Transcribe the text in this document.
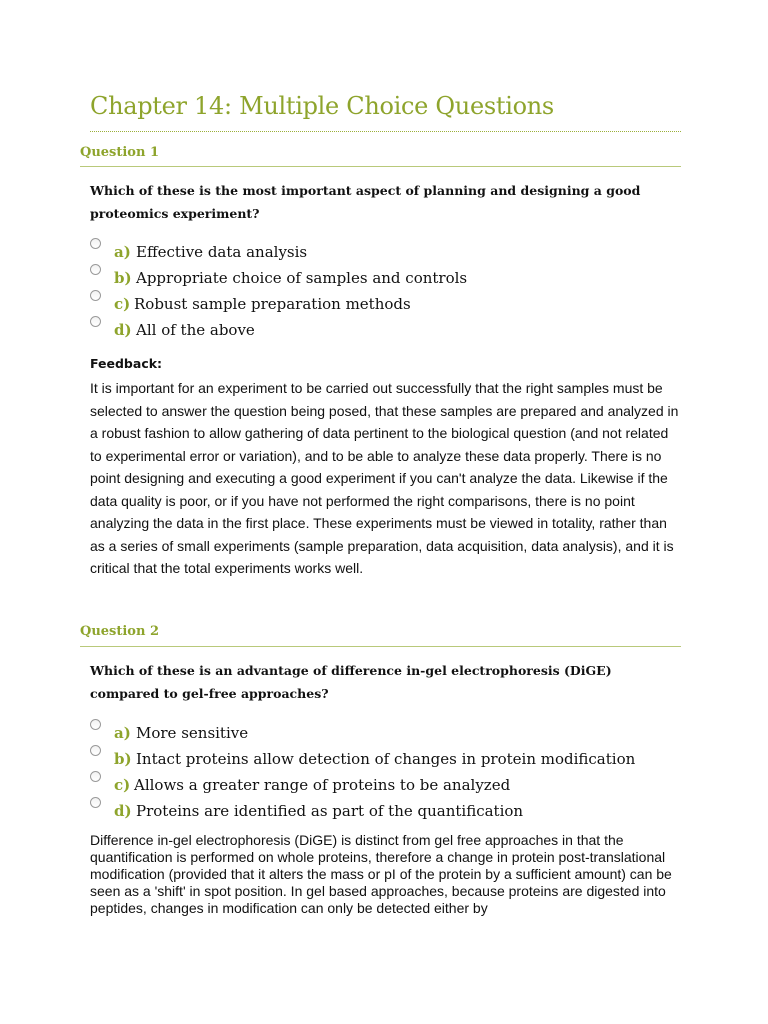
Chapter 14: Multiple Choice Questions
Question 1
Which of these is the most important aspect of planning and designing a good proteomics experiment?
a) Effective data analysis
b) Appropriate choice of samples and controls
c) Robust sample preparation methods
d) All of the above
Feedback:
It is important for an experiment to be carried out successfully that the right samples must be selected to answer the question being posed, that these samples are prepared and analyzed in a robust fashion to allow gathering of data pertinent to the biological question (and not related to experimental error or variation), and to be able to analyze these data properly. There is no point designing and executing a good experiment if you can't analyze the data. Likewise if the data quality is poor, or if you have not performed the right comparisons, there is no point analyzing the data in the first place. These experiments must be viewed in totality, rather than as a series of small experiments (sample preparation, data acquisition, data analysis), and it is critical that the total experiments works well.
Question 2
Which of these is an advantage of difference in-gel electrophoresis (DiGE) compared to gel-free approaches?
a) More sensitive
b) Intact proteins allow detection of changes in protein modification
c) Allows a greater range of proteins to be analyzed
d) Proteins are identified as part of the quantification
Difference in-gel electrophoresis (DiGE) is distinct from gel free approaches in that the quantification is performed on whole proteins, therefore a change in protein post-translational modification (provided that it alters the mass or pI of the protein by a sufficient amount) can be seen as a 'shift' in spot position. In gel based approaches, because proteins are digested into peptides, changes in modification can only be detected either by
